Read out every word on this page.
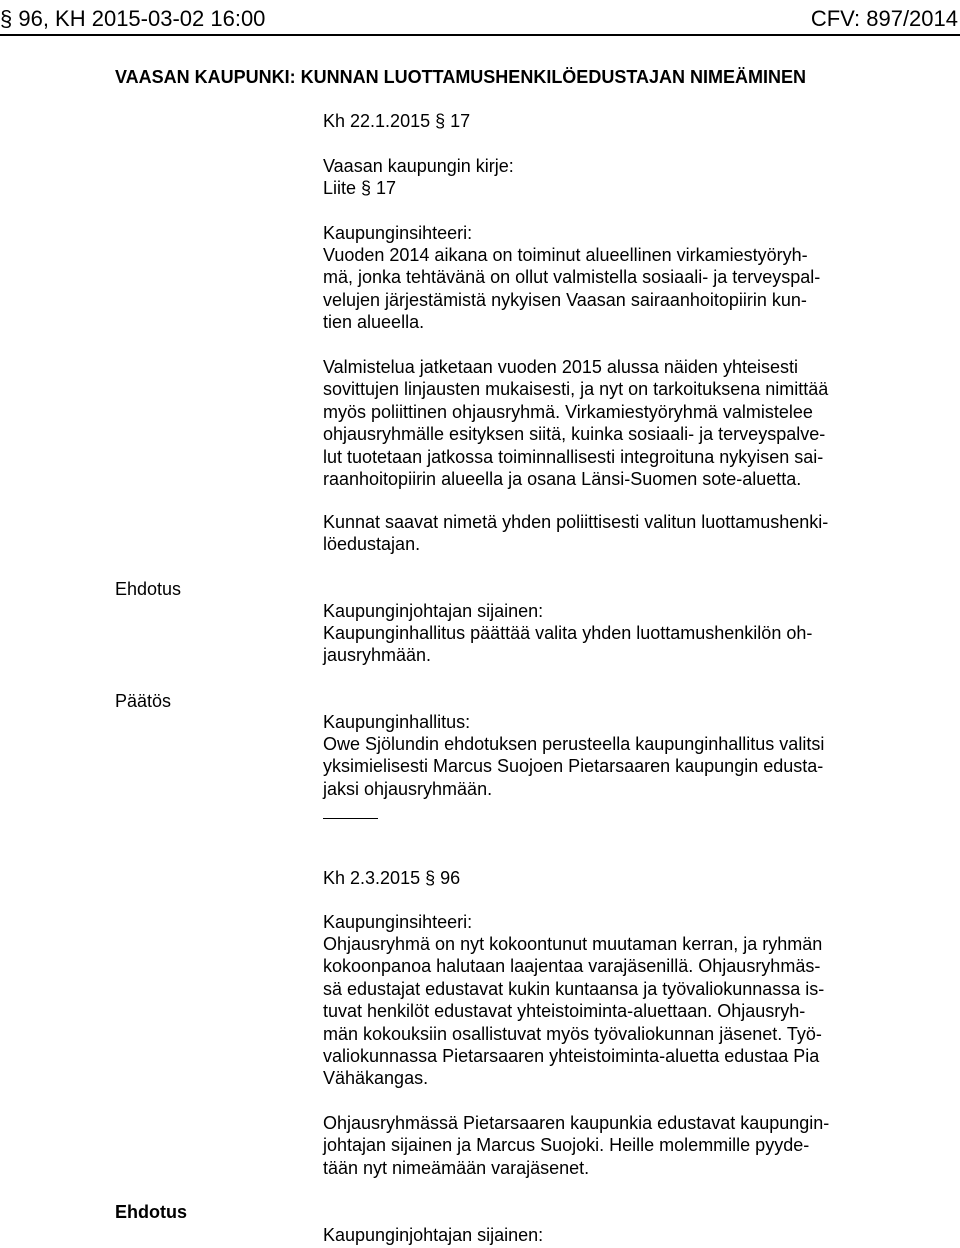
§ 96, KH 2015-03-02 16:00	CFV: 897/2014
VAASAN KAUPUNKI: KUNNAN LUOTTAMUSHENKILÖEDUSTAJAN NIMEÄMINEN

Kh 22.1.2015 § 17

Vaasan kaupungin kirje:

Liite § 17

Kaupunginsihteeri:

Vuoden 2014 aikana on toiminut alueellinen virkamiestyöryh-

mä, jonka tehtävänä on ollut valmistella sosiaali- ja terveyspal-

velujen järjestämistä nykyisen Vaasan sairaanhoitopiirin kun-

tien alueella.

Valmistelua jatketaan vuoden 2015 alussa näiden yhteisesti

sovittujen linjausten mukaisesti, ja nyt on tarkoituksena nimittää

myös poliittinen ohjausryhmä. Virkamiestyöryhmä valmistelee

ohjausryhmälle esityksen siitä, kuinka sosiaali- ja terveyspalve-

lut tuotetaan jatkossa toiminnallisesti integroituna nykyisen sai-

raanhoitopiirin alueella ja osana Länsi-Suomen sote-aluetta.

Kunnat saavat nimetä yhden poliittisesti valitun luottamushenki-

löedustajan.

Ehdotus

Kaupunginjohtajan sijainen:

Kaupunginhallitus päättää valita yhden luottamushenkilön oh-

jausryhmään.

Päätös

Kaupunginhallitus:

Owe Sjölundin ehdotuksen perusteella kaupunginhallitus valitsi

yksimielisesti Marcus Suojoen Pietarsaaren kaupungin edusta-

jaksi ohjausryhmään.

Kh 2.3.2015 § 96

Kaupunginsihteeri:

Ohjausryhmä on nyt kokoontunut muutaman kerran, ja ryhmän

kokoonpanoa halutaan laajentaa varajäsenillä. Ohjausryhmäs-

sä edustajat edustavat kukin kuntaansa ja työvaliokunnassa is-

tuvat henkilöt edustavat yhteistoiminta-aluettaan. Ohjausryh-

män kokouksiin osallistuvat myös työvaliokunnan jäsenet. Työ-

valiokunnassa Pietarsaaren yhteistoiminta-aluetta edustaa Pia

Vähäkangas.

Ohjausryhmässä Pietarsaaren kaupunkia edustavat kaupungin-

johtajan sijainen ja Marcus Suojoki. Heille molemmille pyyde-

tään nyt nimeämään varajäsenet.

Ehdotus

Kaupunginjohtajan sijainen:
